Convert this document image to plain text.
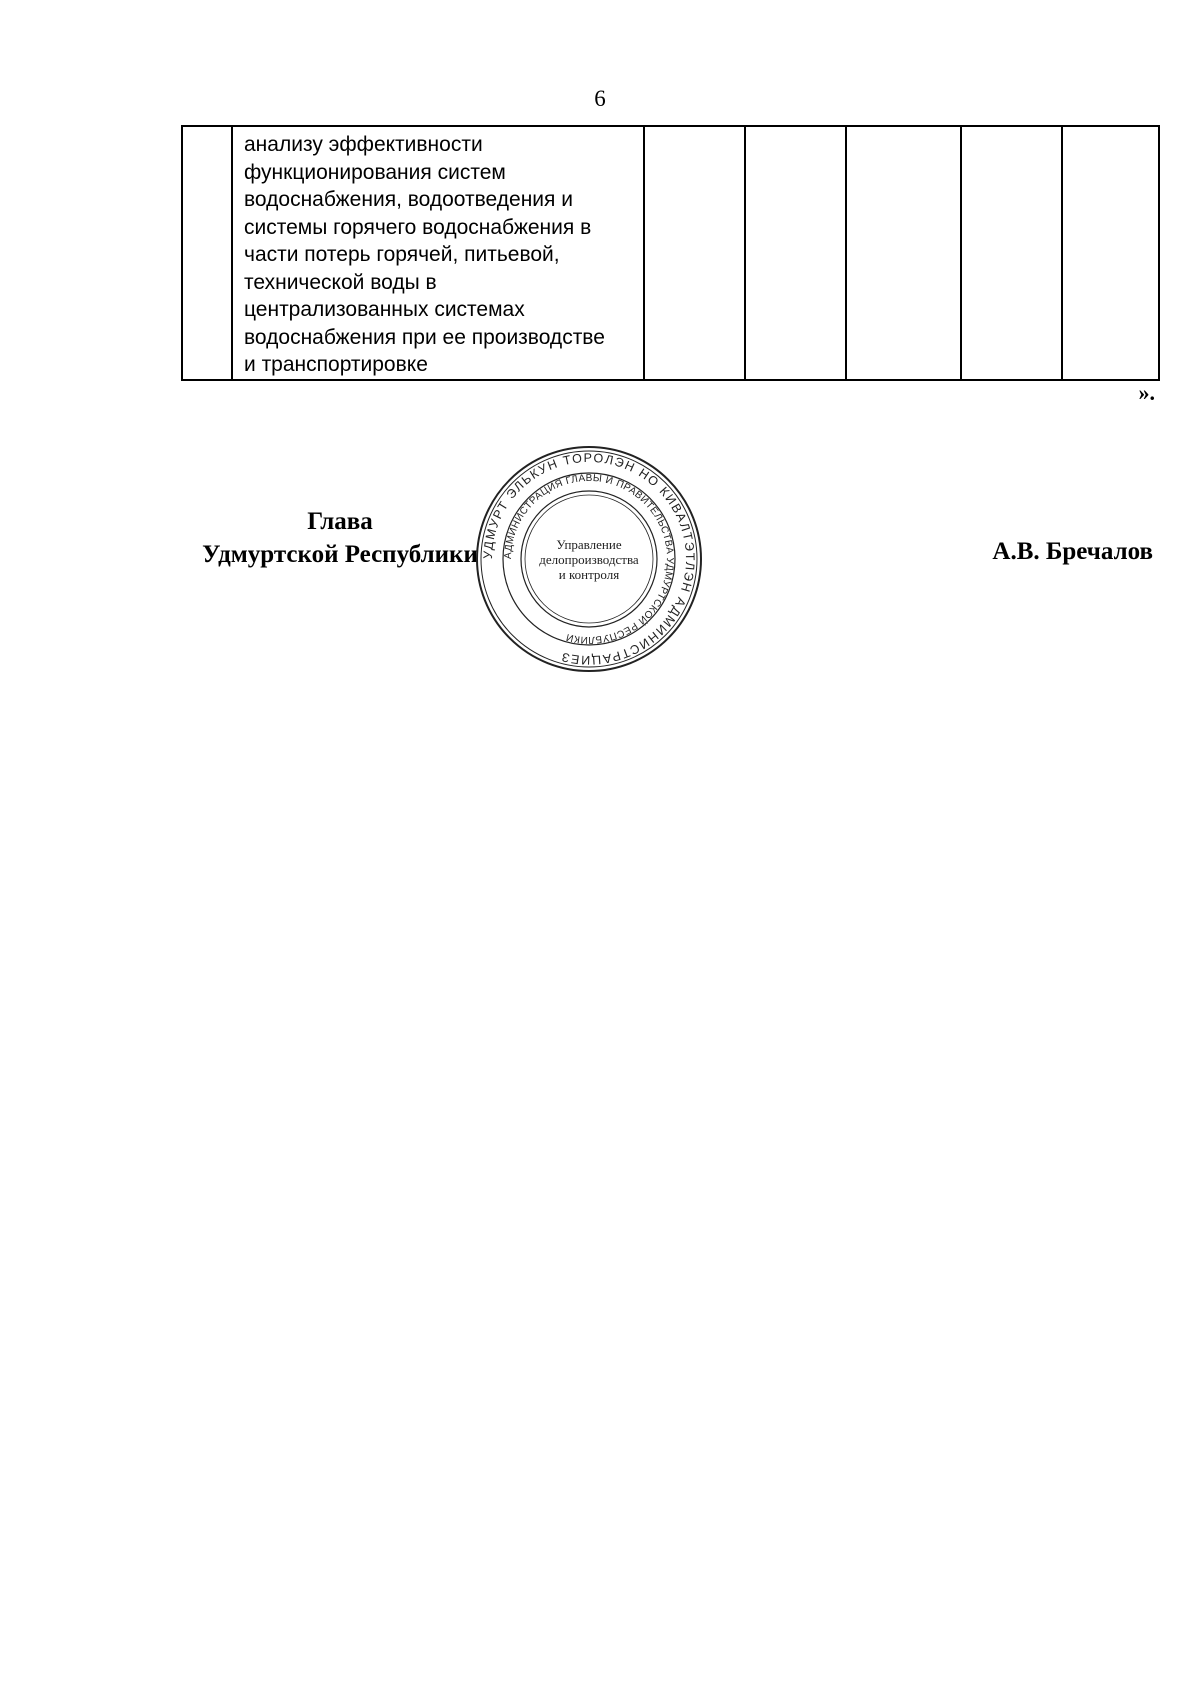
6
	анализу эффективности
функционирования систем
водоснабжения, водоотведения и
системы горячего водоснабжения в
части потерь горячей, питьевой,
технической воды в
централизованных системах
водоснабжения при ее производстве
и транспортировке					
».
Глава
Удмуртской Республики	А.В. Бречалов
УДМУРТ ЭЛЬКУН ТОРОЛЭН НО КИВАЛТЭТЛЭН АДМИНИСТРАЦИЕЗ
АДМИНИСТРАЦИЯ ГЛАВЫ И ПРАВИТЕЛЬСТВА УДМУРТСКОЙ РЕСПУБЛИКИ
Управление
делопроизводства
и контроля
